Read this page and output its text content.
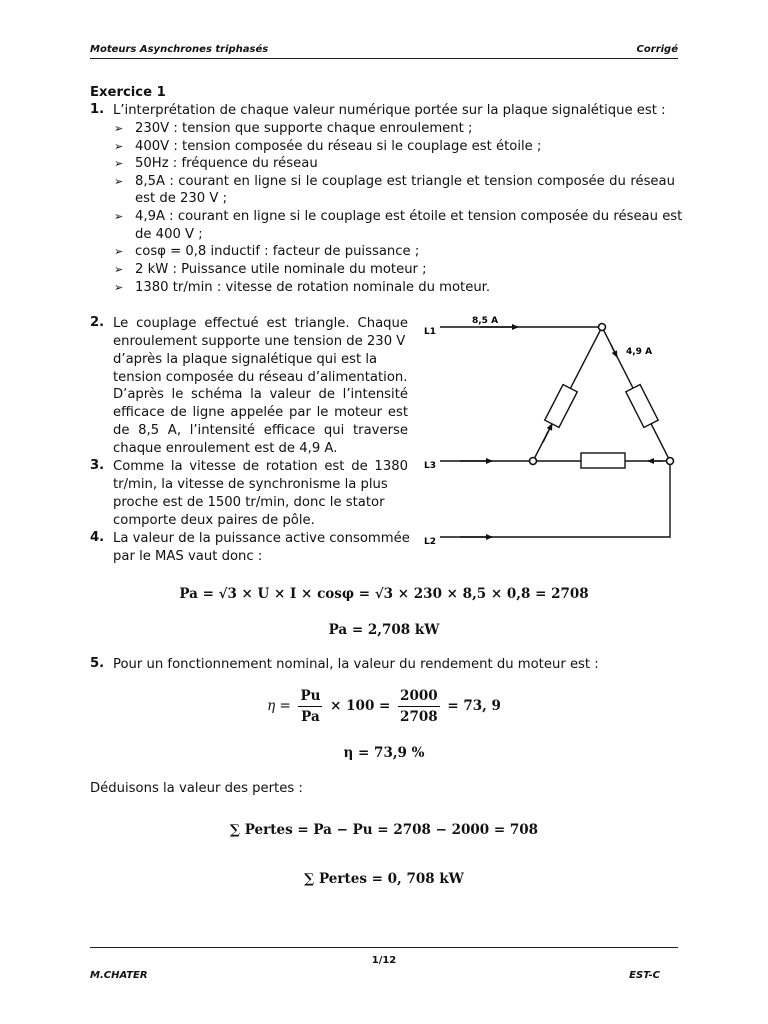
Moteurs Asynchrones triphasés	Corrigé
Exercice 1
1. L’interprétation de chaque valeur numérique portée sur la plaque signalétique est :
➢ 230V : tension que supporte chaque enroulement ;
➢ 400V : tension composée du réseau si le couplage est étoile ;
➢ 50Hz : fréquence du réseau
➢ 8,5A : courant en ligne si le couplage est triangle et tension composée du réseau
est de 230 V ;
➢ 4,9A : courant en ligne si le couplage est étoile et tension composée du réseau est
de 400 V ;
➢ cosφ = 0,8 inductif : facteur de puissance ;
➢ 2 kW : Puissance utile nominale du moteur ;
➢ 1380 tr/min : vitesse de rotation nominale du moteur.
2. Le couplage effectué est triangle. Chaque
enroulement supporte une tension de 230 V
d’après la plaque signalétique qui est la
tension composée du réseau d’alimentation.
D’après le schéma la valeur de l’intensité
efficace de ligne appelée par le moteur est
de 8,5 A, l’intensité efficace qui traverse
chaque enroulement est de 4,9 A.
3. Comme la vitesse de rotation est de 1380
tr/min, la vitesse de synchronisme la plus
proche est de 1500 tr/min, donc le stator
comporte deux paires de pôle.
4. La valeur de la puissance active consommée
par le MAS vaut donc :
L1
L3
L2
8,5 A
4,9 A
Pa = √3 × U × I × cosφ = √3 × 230 × 8,5 × 0,8 = 2708
Pa = 2,708 kW
5. Pour un fonctionnement nominal, la valeur du rendement du moteur est :
$\eta = \frac{Pu}{Pa} \times 100 = \frac{2000}{2708} = 73$, 9
η = 73,9 %
Déduisons la valeur des pertes :
∑ Pertes = Pa − Pu = 2708 − 2000 = 708
∑ Pertes = 0, 708 kW
1/12
M.CHATER	EST-C
